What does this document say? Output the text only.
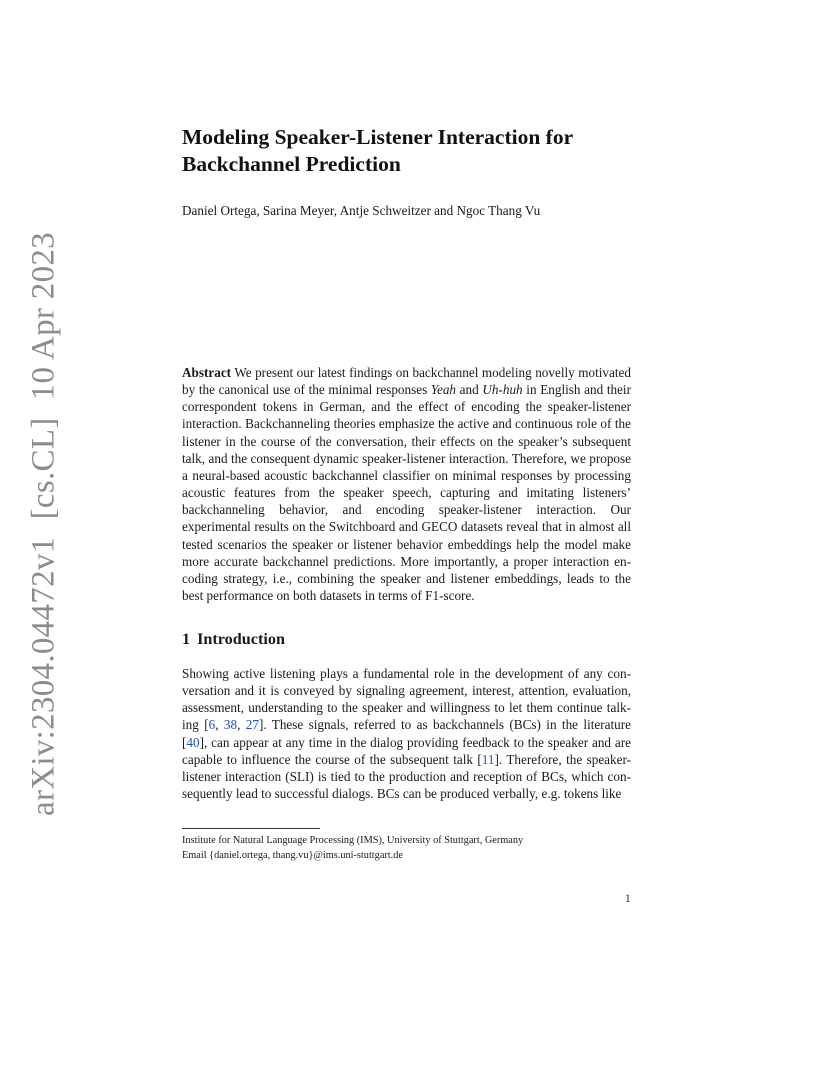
arXiv:2304.04472v1  [cs.CL]  10 Apr 2023
Modeling Speaker-Listener Interaction for Backchannel Prediction
Daniel Ortega, Sarina Meyer, Antje Schweitzer and Ngoc Thang Vu

Abstract We present our latest findings on backchannel modeling novelly motivated by the canonical use of the minimal responses Yeah and Uh-huh in English and their correspondent tokens in German, and the effect of encoding the speaker-listener interaction. Backchanneling theories emphasize the active and continuous role of the listener in the course of the conversation, their effects on the speaker’s subsequent talk, and the consequent dynamic speaker-listener interaction. Therefore, we propose a neural-based acoustic backchannel classifier on minimal responses by processing acoustic features from the speaker speech, capturing and imitating listeners’ backchanneling behavior, and encoding speaker-listener interaction. Our experimental results on the Switchboard and GECO datasets reveal that in almost all tested scenarios the speaker or listener behavior embeddings help the model make more accurate backchannel predictions. More importantly, a proper interaction encoding strategy, i.e., combining the speaker and listener embeddings, leads to the best performance on both datasets in terms of F1-score.

1 Introduction

Showing active listening plays a fundamental role in the development of any conversation and it is conveyed by signaling agreement, interest, attention, evaluation, assessment, understanding to the speaker and willingness to let them continue talking [6, 38, 27]. These signals, referred to as backchannels (BCs) in the literature [40], can appear at any time in the dialog providing feedback to the speaker and are capable to influence the course of the subsequent talk [11]. Therefore, the speaker-listener interaction (SLI) is tied to the production and reception of BCs, which consequently lead to successful dialogs. BCs can be produced verbally, e.g. tokens like

Institute for Natural Language Processing (IMS), University of Stuttgart, Germany
Email {daniel.ortega, thang.vu}@ims.uni-stuttgart.de
1
